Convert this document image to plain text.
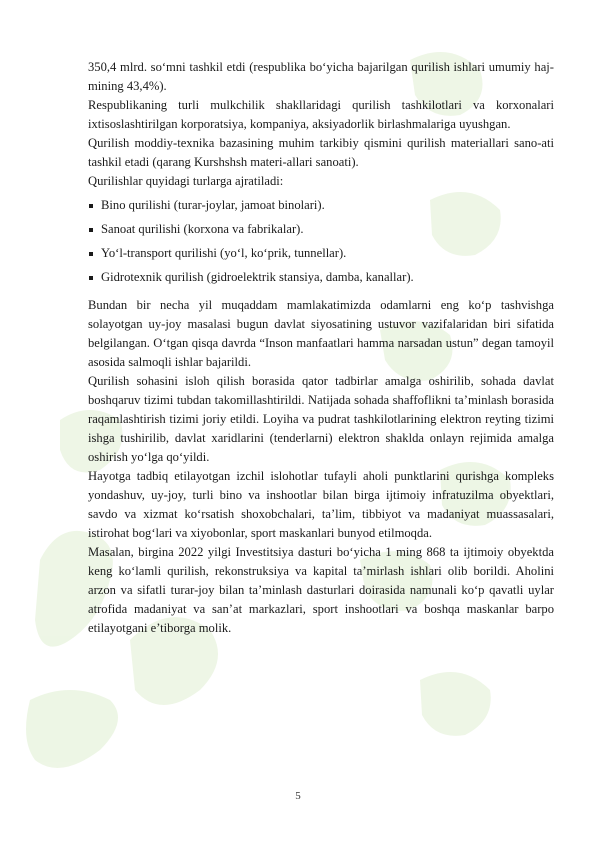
350,4 mlrd. so‘mni tashkil etdi (respublika bo‘yicha bajarilgan qurilish ishlari umumiy haj-mining 43,4%).

Respublikaning turli mulkchilik shakllaridagi qurilish tashkilotlari va korxonalari ixtisoslashtirilgan korporatsiya, kompaniya, aksiyadorlik birlashmalariga uyushgan.

Qurilish moddiy-texnika bazasining muhim tarkibiy qismini qurilish materiallari sano-ati tashkil etadi (qarang Kurshshsh materi-allari sanoati).

Qurilishlar quyidagi turlarga ajratiladi:

Bino qurilishi (turar-joylar, jamoat binolari).
Sanoat qurilishi (korxona va fabrikalar).
Yo‘l-transport qurilishi (yo‘l, ko‘prik, tunnellar).
Gidrotexnik qurilish (gidroelektrik stansiya, damba, kanallar).

Bundan bir necha yil muqaddam mamlakatimizda odamlarni eng ko‘p tashvishga solayotgan uy-joy masalasi bugun davlat siyosatining ustuvor vazifalaridan biri sifatida belgilangan. O‘tgan qisqa davrda “Inson manfaatlari hamma narsadan ustun” degan tamoyil asosida salmoqli ishlar bajarildi.

Qurilish sohasini isloh qilish borasida qator tadbirlar amalga oshirilib, sohada davlat boshqaruv tizimi tubdan takomillashtirildi. Natijada sohada shaffoflikni ta’minlash borasida raqamlashtirish tizimi joriy etildi. Loyiha va pudrat tashkilotlarining elektron reyting tizimi ishga tushirilib, davlat xaridlarini (tenderlarni) elektron shaklda onlayn rejimida amalga oshirish yo‘lga qo‘yildi.

Hayotga tadbiq etilayotgan izchil islohotlar tufayli aholi punktlarini qurishga kompleks yondashuv, uy-joy, turli bino va inshootlar bilan birga ijtimoiy infratuzilma obyektlari, savdo va xizmat ko‘rsatish shoxobchalari, ta’lim, tibbiyot va madaniyat muassasalari, istirohat bog‘lari va xiyobonlar, sport maskanlari bunyod etilmoqda.

Masalan, birgina 2022 yilgi Investitsiya dasturi bo‘yicha 1 ming 868 ta ijtimoiy obyektda keng ko‘lamli qurilish, rekonstruksiya va kapital ta’mirlash ishlari olib borildi. Aholini arzon va sifatli turar-joy bilan ta’minlash dasturlari doirasida namunali ko‘p qavatli uylar atrofida madaniyat va san’at markazlari, sport inshootlari va boshqa maskanlar barpo etilayotgani e’tiborga molik.

5
